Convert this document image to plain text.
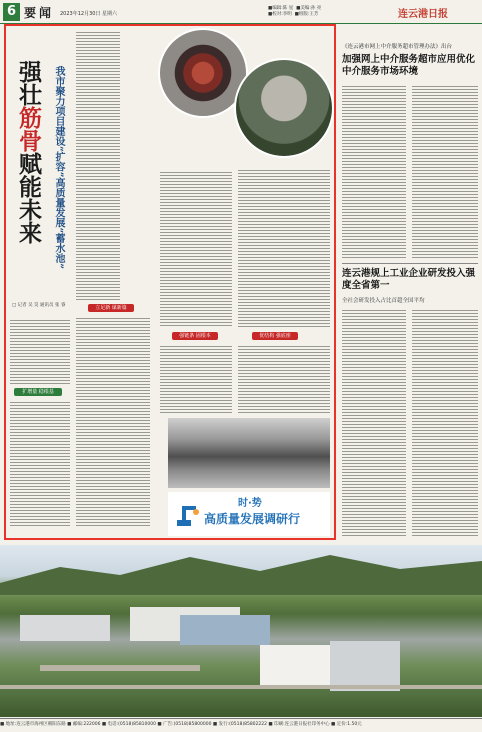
6 要闻 2023年12月30日 星期六
■编辑:陈 星 ■美编:孙 亮
■校对:李明 ■组版:王芳	连云港日报
强壮筋骨赋能未来 我市聚力项目建设“扩容”高质量发展“蓄水池”
□ 记者 吴 昊 通讯员 张 睿
扩增量 稳根基
立足新 谋新篇
强链条 固根本	优结构 强底座
时·势
高质量发展调研行
《连云港市网上中介服务超市管理办法》出台
加强网上中介服务超市应用优化中介服务市场环境
连云港规上工业企业研发投入强度全省第一
全社会研发投入占比首超全国平均
■ 地址:连云港市海州区朝阳东路 ■ 邮编:222006 ■ 电话:(0518)85810000 ■ 广告:(0518)85800000 ■ 发行:(0518)85802222 ■ 印刷:连云港日报社印务中心 ■ 定价:1.50元
